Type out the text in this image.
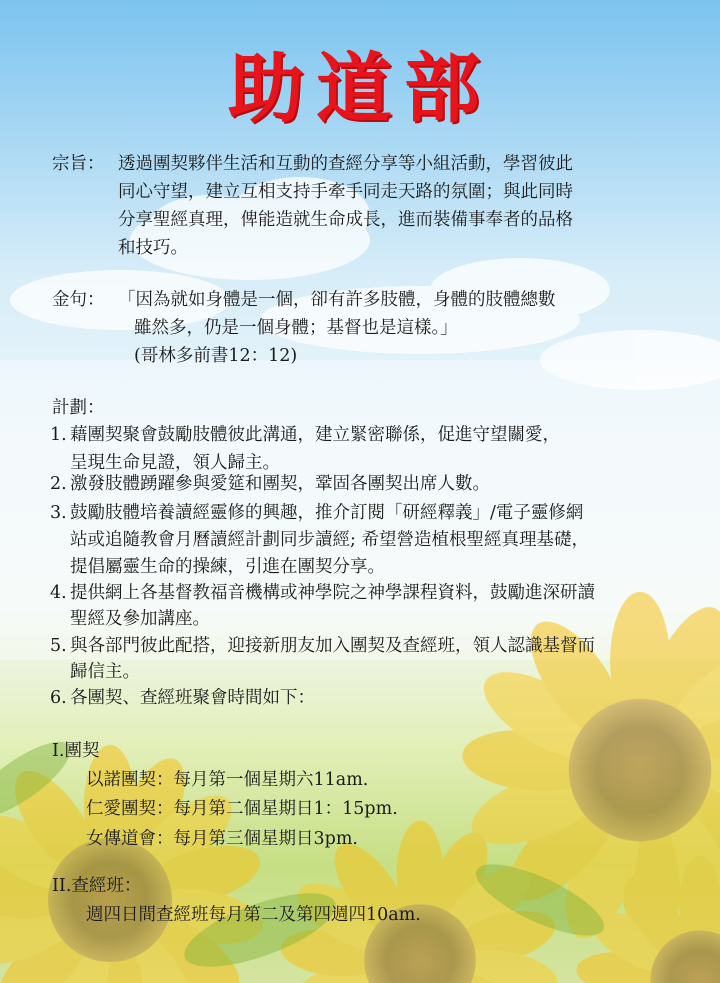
助道部
宗旨： 透過團契夥伴生活和互動的查經分享等小組活動，學習彼此
同心守望，建立互相支持手牽手同走天路的氛圍；與此同時
分享聖經真理，俾能造就生命成長，進而裝備事奉者的品格
和技巧。
金句： 「因為就如身體是一個，卻有許多肢體，身體的肢體總數
雖然多，仍是一個身體；基督也是這樣。」
(哥林多前書12：12)
計劃：
1. 藉團契聚會鼓勵肢體彼此溝通，建立緊密聯係，促進守望關愛，
呈現生命見證，領人歸主。
2. 激發肢體踴躍參與愛筵和團契，鞏固各團契出席人數。
3. 鼓勵肢體培養讀經靈修的興趣，推介訂閱「研經釋義」/電子靈修網
站或追隨教會月曆讀經計劃同步讀經; 希望營造植根聖經真理基礎，
提倡屬靈生命的操練，引進在團契分享。
4. 提供網上各基督教福音機構或神學院之神學課程資料，鼓勵進深研讀
聖經及參加講座。
5. 與各部門彼此配搭，迎接新朋友加入團契及查經班，領人認識基督而
歸信主。
6. 各團契、查經班聚會時間如下：
I.團契
以諾團契：每月第一個星期六11am.
仁愛團契：每月第二個星期日1：15pm.
女傳道會：每月第三個星期日3pm.
II.查經班：
週四日間查經班每月第二及第四週四10am.
